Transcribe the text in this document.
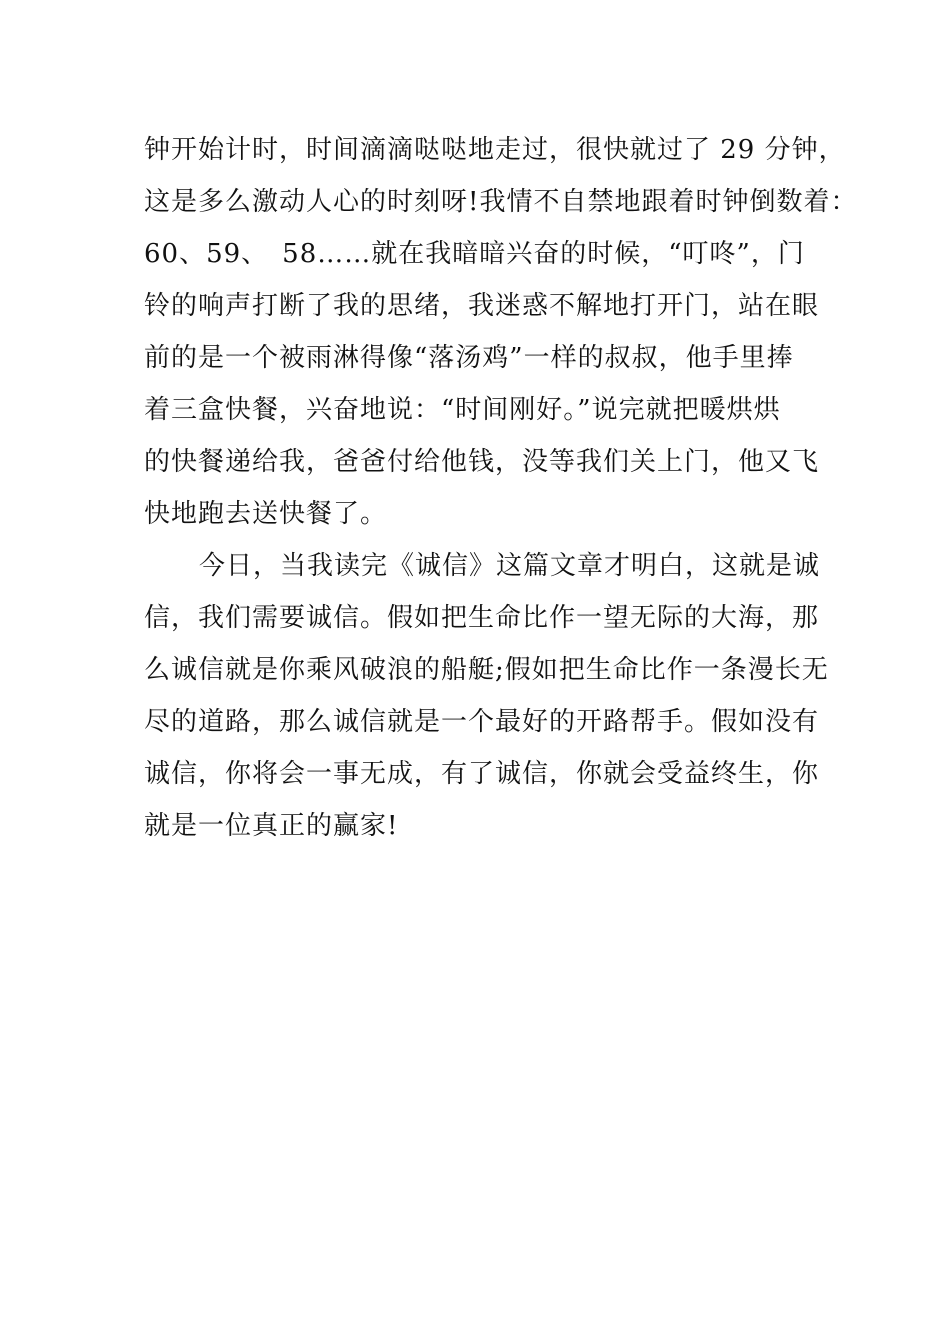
钟开始计时，时间滴滴哒哒地走过，很快就过了 29 分钟，
这是多么激动人心的时刻呀!我情不自禁地跟着时钟倒数着：
60、59、　58……就在我暗暗兴奋的时候，“叮咚”，门
铃的响声打断了我的思绪，我迷惑不解地打开门，站在眼
前的是一个被雨淋得像“落汤鸡”一样的叔叔，他手里捧
着三盒快餐，兴奋地说：“时间刚好。”说完就把暖烘烘
的快餐递给我，爸爸付给他钱，没等我们关上门，他又飞
快地跑去送快餐了。
今日，当我读完《诚信》这篇文章才明白，这就是诚
信，我们需要诚信。假如把生命比作一望无际的大海，那
么诚信就是你乘风破浪的船艇;假如把生命比作一条漫长无
尽的道路，那么诚信就是一个最好的开路帮手。假如没有
诚信，你将会一事无成，有了诚信，你就会受益终生，你
就是一位真正的赢家!
